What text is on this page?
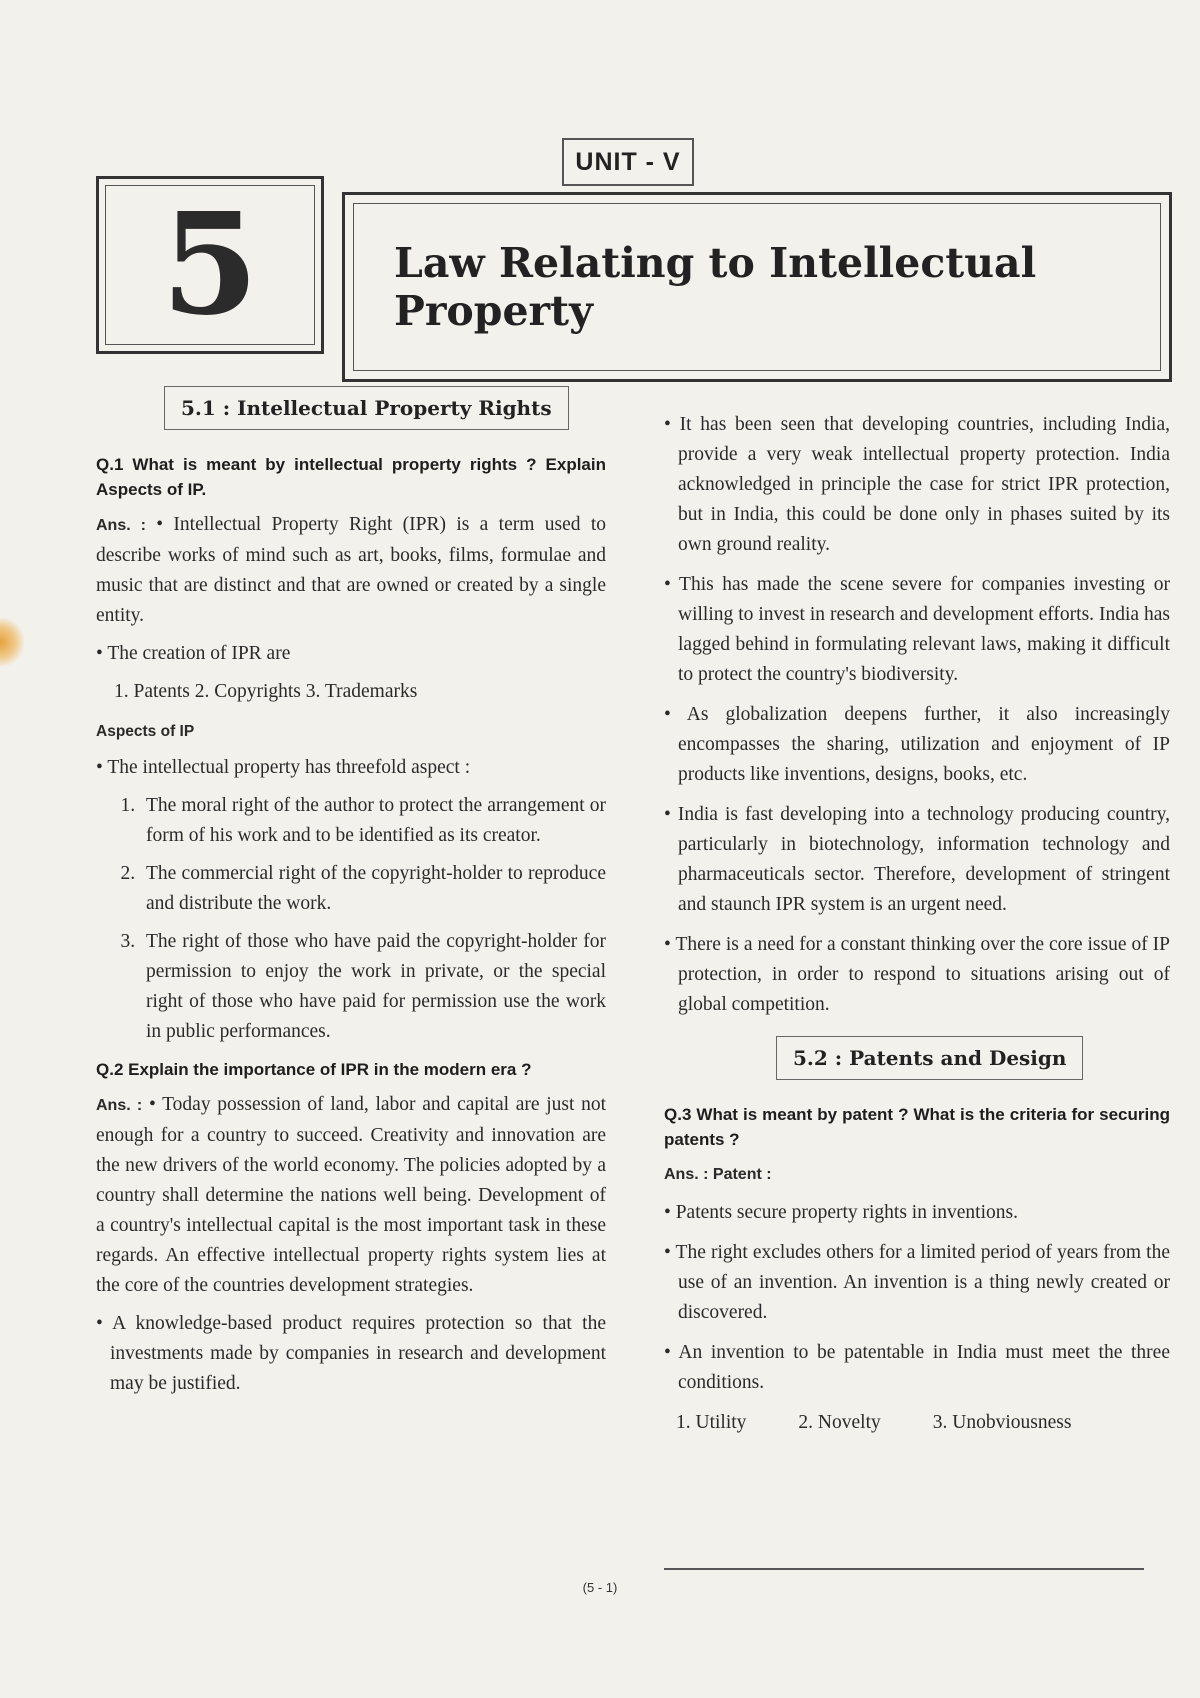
UNIT - V
5	Law Relating to Intellectual Property
5.1 : Intellectual Property Rights
Q.1 What is meant by intellectual property rights ? Explain Aspects of IP.

Ans. : • Intellectual Property Right (IPR) is a term used to describe works of mind such as art, books, films, formulae and music that are distinct and that are owned or created by a single entity.

• The creation of IPR are

1. Patents 2. Copyrights 3. Trademarks

Aspects of IP

• The intellectual property has threefold aspect :

1. The moral right of the author to protect the arrangement or form of his work and to be identified as its creator.
2. The commercial right of the copyright-holder to reproduce and distribute the work.
3. The right of those who have paid the copyright-holder for permission to enjoy the work in private, or the special right of those who have paid for permission use the work in public performances.
Q.2 Explain the importance of IPR in the modern era ?

Ans. : • Today possession of land, labor and capital are just not enough for a country to succeed. Creativity and innovation are the new drivers of the world economy. The policies adopted by a country shall determine the nations well being. Development of a country's intellectual capital is the most important task in these regards. An effective intellectual property rights system lies at the core of the countries development strategies.

• A knowledge-based product requires protection so that the investments made by companies in research and development may be justified.

• It has been seen that developing countries, including India, provide a very weak intellectual property protection. India acknowledged in principle the case for strict IPR protection, but in India, this could be done only in phases suited by its own ground reality.

• This has made the scene severe for companies investing or willing to invest in research and development efforts. India has lagged behind in formulating relevant laws, making it difficult to protect the country's biodiversity.

• As globalization deepens further, it also increasingly encompasses the sharing, utilization and enjoyment of IP products like inventions, designs, books, etc.

• India is fast developing into a technology producing country, particularly in biotechnology, information technology and pharmaceuticals sector. Therefore, development of stringent and staunch IPR system is an urgent need.

• There is a need for a constant thinking over the core issue of IP protection, in order to respond to situations arising out of global competition.

5.2 : Patents and Design
Q.3 What is meant by patent ? What is the criteria for securing patents ?

Ans. : Patent :

• Patents secure property rights in inventions.

• The right excludes others for a limited period of years from the use of an invention. An invention is a thing newly created or discovered.

• An invention to be patentable in India must meet the three conditions.

1. Utility	2. Novelty	3. Unobviousness
(5 - 1)
